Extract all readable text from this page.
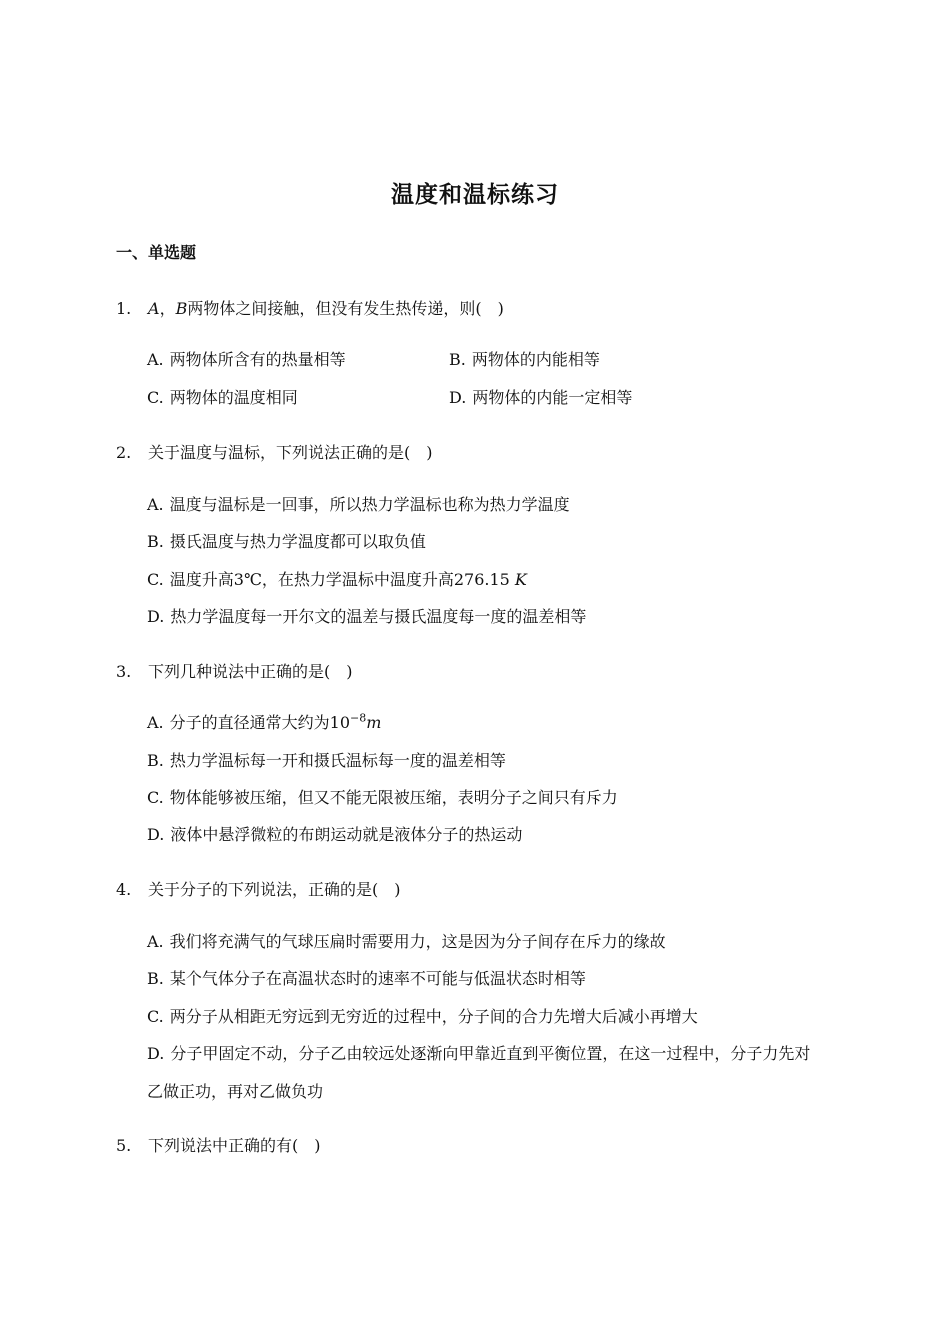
温度和温标练习
一、单选题
1. A，B两物体之间接触，但没有发生热传递，则(　)
A. 两物体所含有的热量相等	B. 两物体的内能相等
C. 两物体的温度相同	D. 两物体的内能一定相等
2. 关于温度与温标，下列说法正确的是(　)
A. 温度与温标是一回事，所以热力学温标也称为热力学温度
B. 摄氏温度与热力学温度都可以取负值
C. 温度升高3℃，在热力学温标中温度升高276.15 K
D. 热力学温度每一开尔文的温差与摄氏温度每一度的温差相等
3. 下列几种说法中正确的是(　)
A. 分子的直径通常大约为$10^{-8}m$
B. 热力学温标每一开和摄氏温标每一度的温差相等
C. 物体能够被压缩，但又不能无限被压缩，表明分子之间只有斥力
D. 液体中悬浮微粒的布朗运动就是液体分子的热运动
4. 关于分子的下列说法，正确的是(　)
A. 我们将充满气的气球压扁时需要用力，这是因为分子间存在斥力的缘故
B. 某个气体分子在高温状态时的速率不可能与低温状态时相等
C. 两分子从相距无穷远到无穷近的过程中，分子间的合力先增大后减小再增大
D. 分子甲固定不动，分子乙由较远处逐渐向甲靠近直到平衡位置，在这一过程中，分子力先对
乙做正功，再对乙做负功
5. 下列说法中正确的有(　)
